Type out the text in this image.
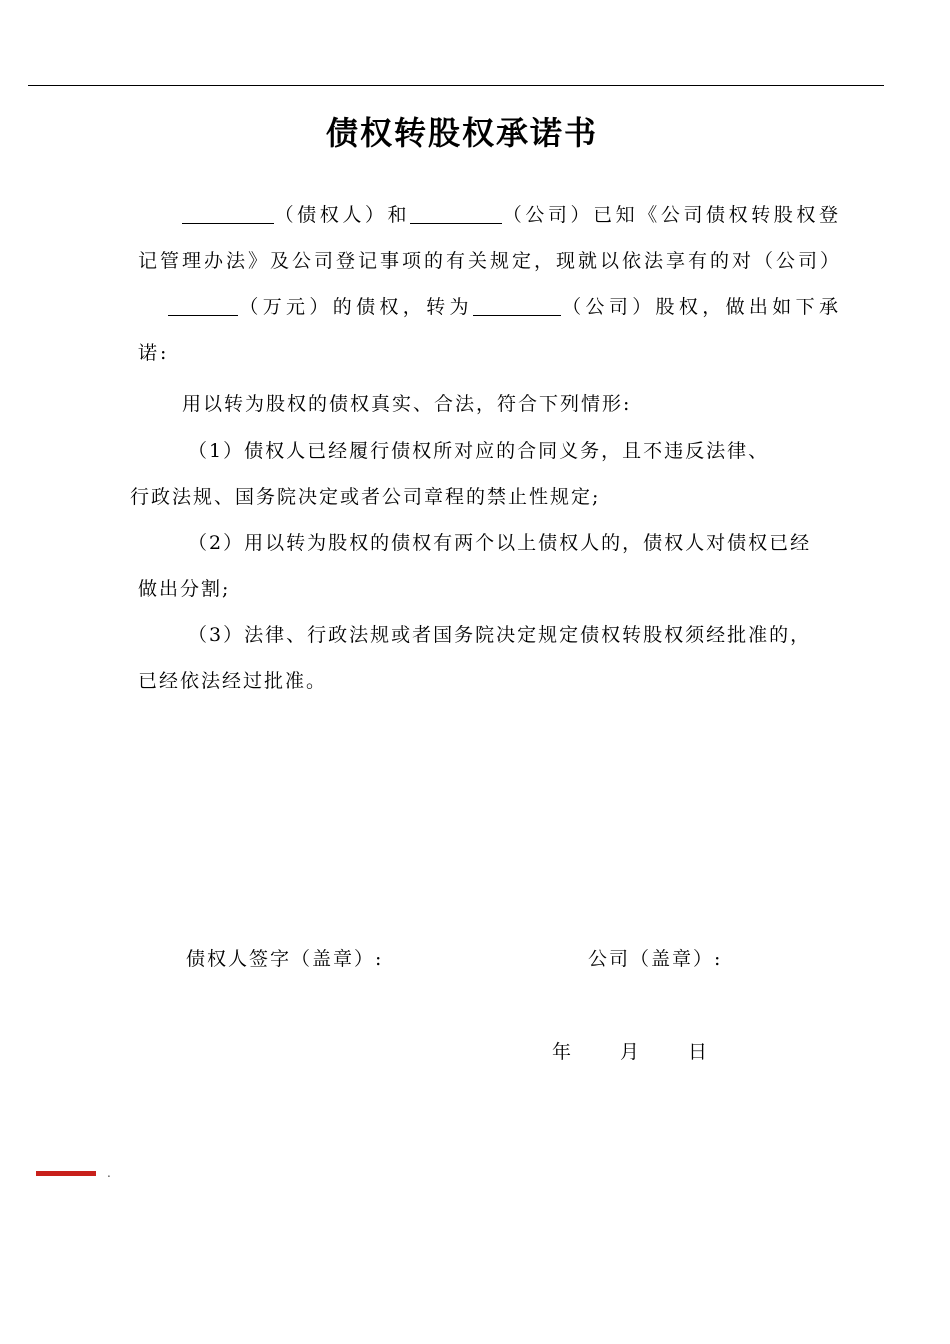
债权转股权承诺书
（债权人）和	（公司）已知《公司债权转股权登记管理办法》及公司登记事项的有关规定，现就以依法享有的对（公司）（万元）的债权，转为	（公司）股权，做出如下承诺:
用以转为股权的债权真实、合法，符合下列情形:
（1）债权人已经履行债权所对应的合同义务，且不违反法律、
行政法规、国务院决定或者公司章程的禁止性规定;
（2）用以转为股权的债权有两个以上债权人的，债权人对债权已经
做出分割;
（3）法律、行政法规或者国务院决定规定债权转股权须经批准的，
已经依法经过批准。
债权人签字（盖章）:	公司（盖章）:
年	月	日
.
